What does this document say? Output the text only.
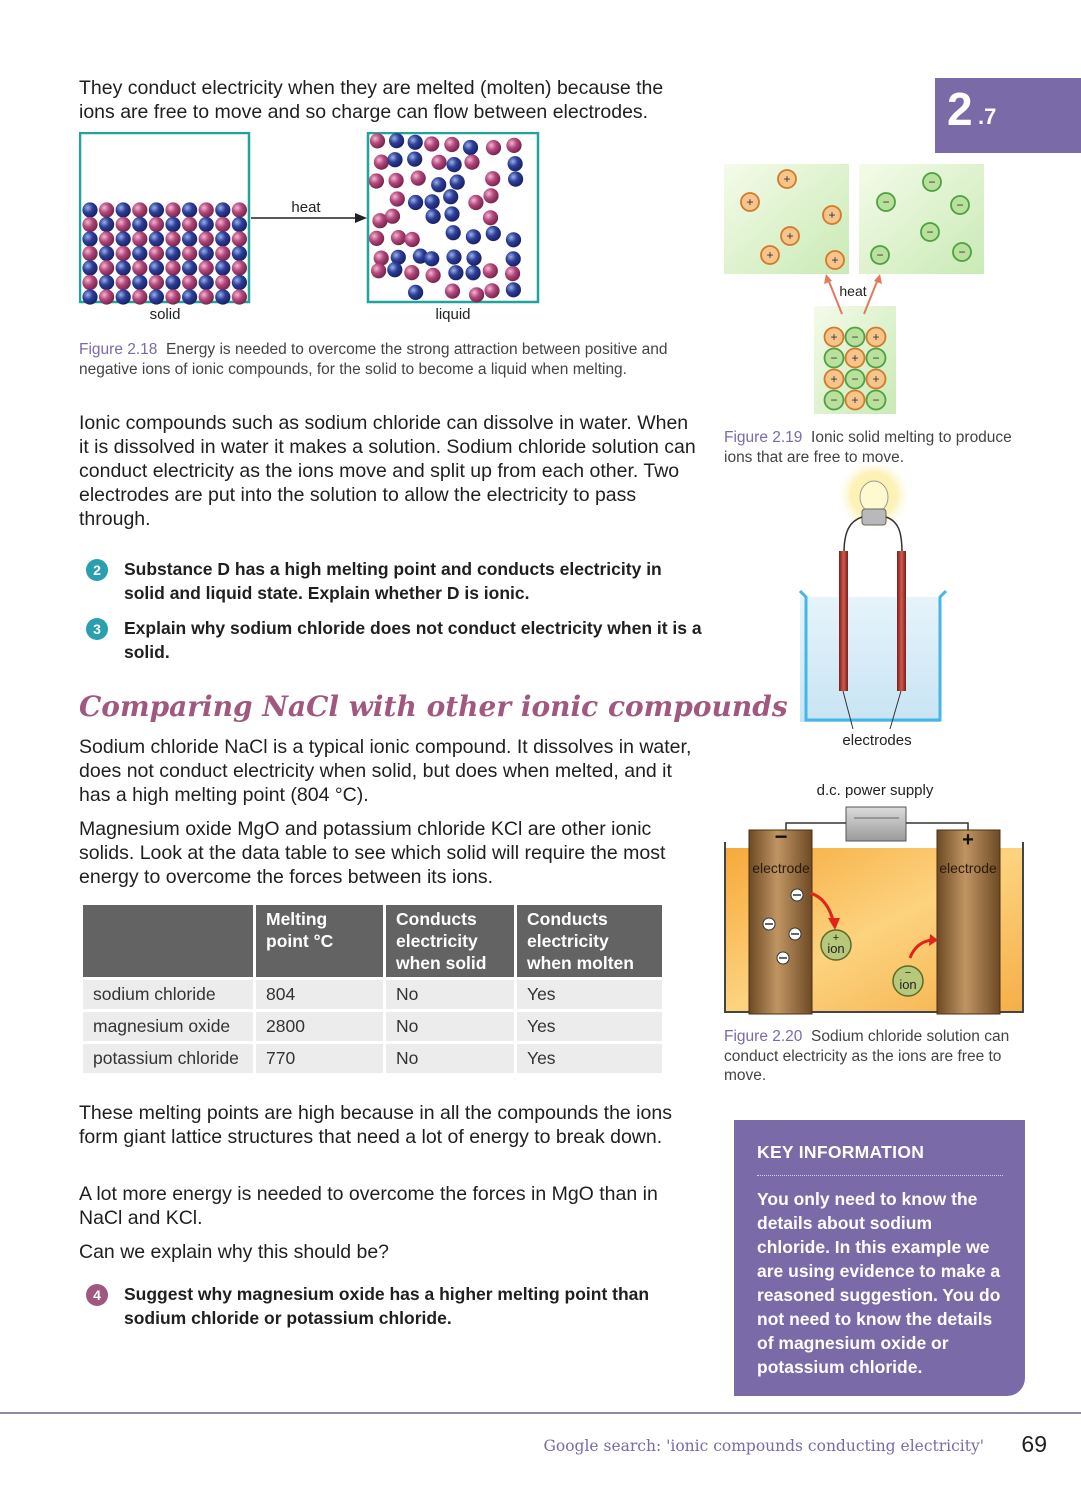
2 .7

They conduct electricity when they are melted (molten) because the ions are free to move and so charge can flow between electrodes.

heat
solid	liquid
Figure 2.18 Energy is needed to overcome the strong attraction between positive and negative ions of ionic compounds, for the solid to become a liquid when melting.

Ionic compounds such as sodium chloride can dissolve in water. When it is dissolved in water it makes a solution. Sodium chloride solution can conduct electricity as the ions move and split up from each other. Two electrodes are put into the solution to allow the electricity to pass through.

2	Substance D has a high melting point and conducts electricity in solid and liquid state. Explain whether D is ionic.
3	Explain why sodium chloride does not conduct electricity when it is a solid.
Comparing NaCl with other ionic compounds

Sodium chloride NaCl is a typical ionic compound. It dissolves in water, does not conduct electricity when solid, but does when melted, and it has a high melting point (804 °C).

Magnesium oxide MgO and potassium chloride KCl are other ionic solids. Look at the data table to see which solid will require the most energy to overcome the forces between its ions.

	Melting point °C	Conducts electricity when solid	Conducts electricity when molten
sodium chloride	804	No	Yes
magnesium oxide	2800	No	Yes
potassium chloride	770	No	Yes

These melting points are high because in all the compounds the ions form giant lattice structures that need a lot of energy to break down.

A lot more energy is needed to overcome the forces in MgO than in NaCl and KCl.

Can we explain why this should be?

4	Suggest why magnesium oxide has a higher melting point than sodium chloride or potassium chloride.
+
+
+
+
+	+
−
−	−
−
−	−
+ − +
− + −
+ − +
− + −
heat
Figure 2.19 Ionic solid melting to produce ions that are free to move.
electrodes
d.c. power supply
−	+
electrode	electrode
+
ion
−
ion
Figure 2.20 Sodium chloride solution can conduct electricity as the ions are free to move.
KEY INFORMATION
You only need to know the details about sodium chloride. In this example we are using evidence to make a reasoned suggestion. You do not need to know the details of magnesium oxide or potassium chloride.
Google search: 'ionic compounds conducting electricity' 69
